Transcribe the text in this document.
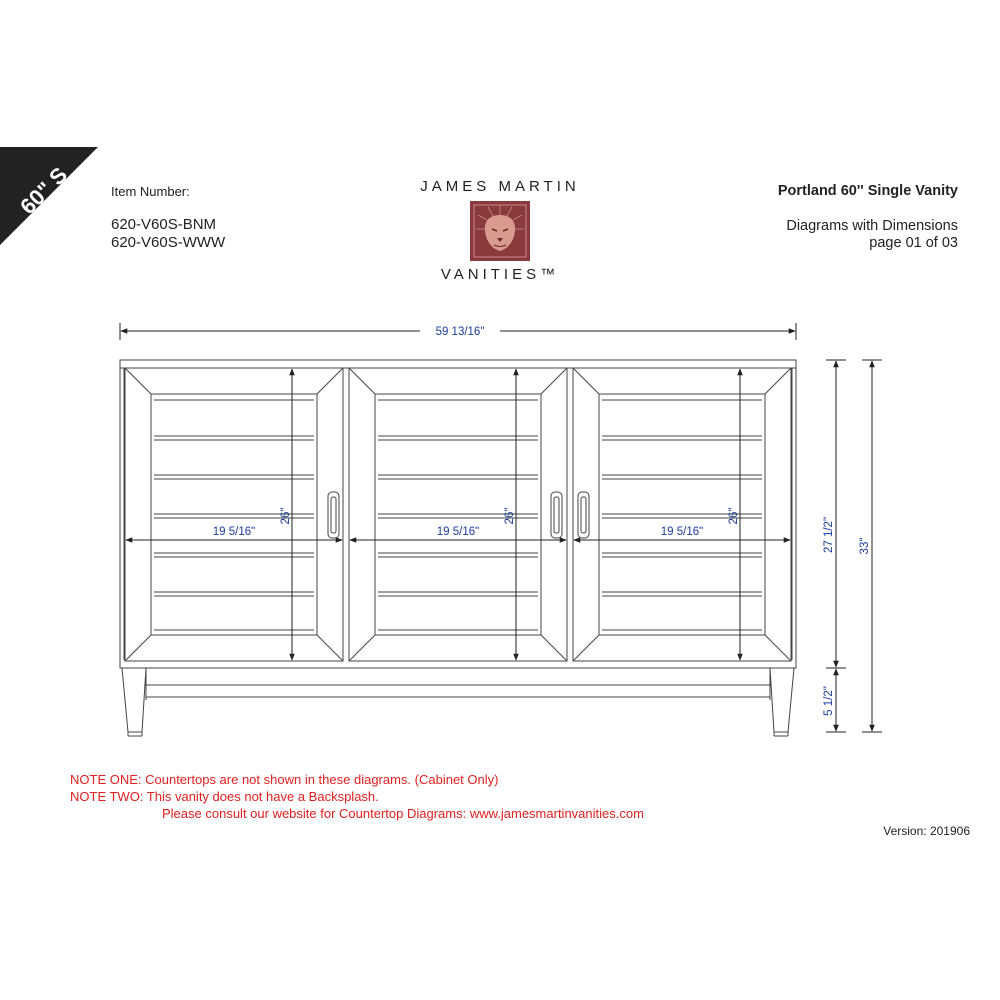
60" S	Item Number:
620-V60S-BNM
620-V60S-WWW
JAMES MARTIN
VANITIES™
Portland 60'' Single Vanity
Diagrams with Dimensions
page 01 of 03
59 13/16"
19 5/16"	19 5/16"	19 5/16"
26"	26"	26"
27 1/2"
5 1/2"
33"
NOTE ONE: Countertops are not shown in these diagrams. (Cabinet Only)
NOTE TWO: This vanity does not have a Backsplash.
Please consult our website for Countertop Diagrams: www.jamesmartinvanities.com
Version: 201906
